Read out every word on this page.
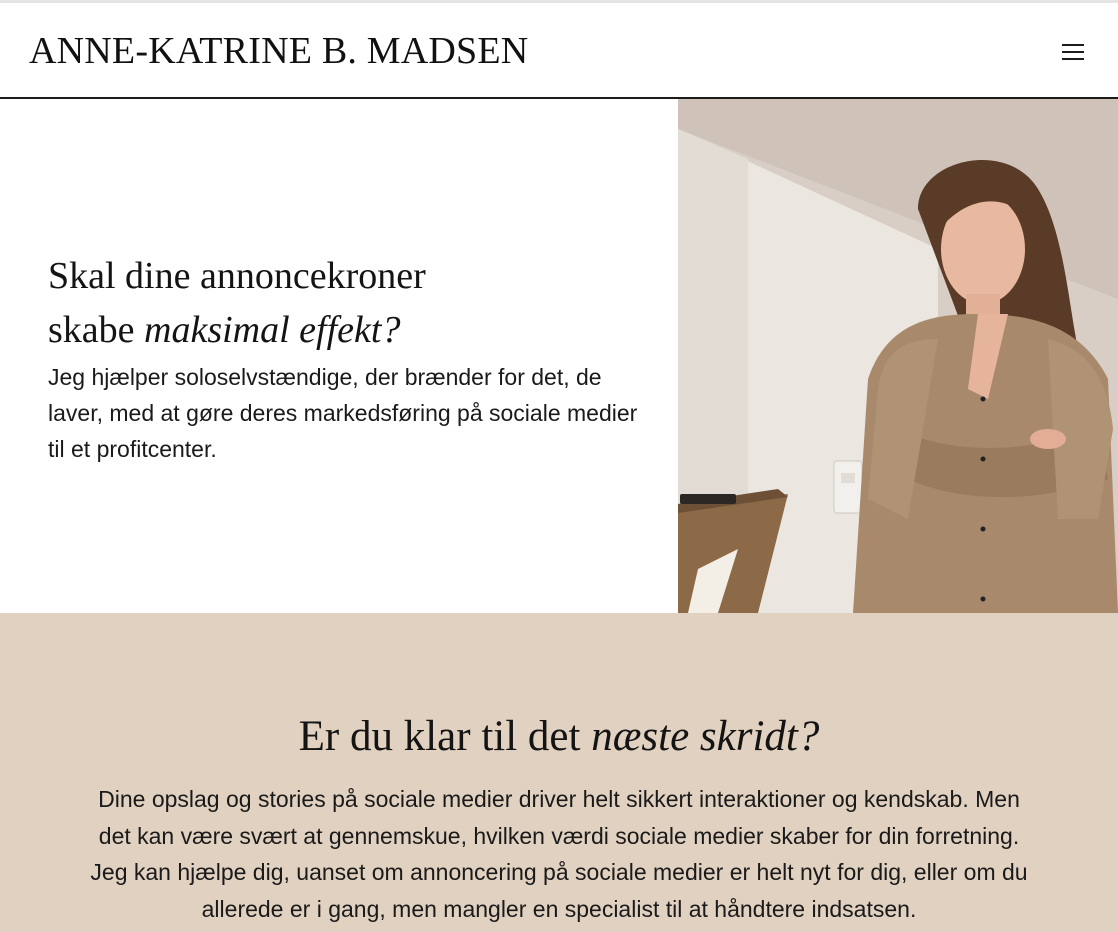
ANNE-KATRINE B. MADSEN
Skal dine annoncekroner
skabe maksimal effekt?

Jeg hjælper soloselvstændige, der brænder for det, de laver, med at gøre deres markedsføring på sociale medier til et profitcenter.

Er du klar til det næste skridt?

Dine opslag og stories på sociale medier driver helt sikkert interaktioner og kendskab. Men det kan være svært at gennemskue, hvilken værdi sociale medier skaber for din forretning. Jeg kan hjælpe dig, uanset om annoncering på sociale medier er helt nyt for dig, eller om du allerede er i gang, men mangler en specialist til at håndtere indsatsen.
